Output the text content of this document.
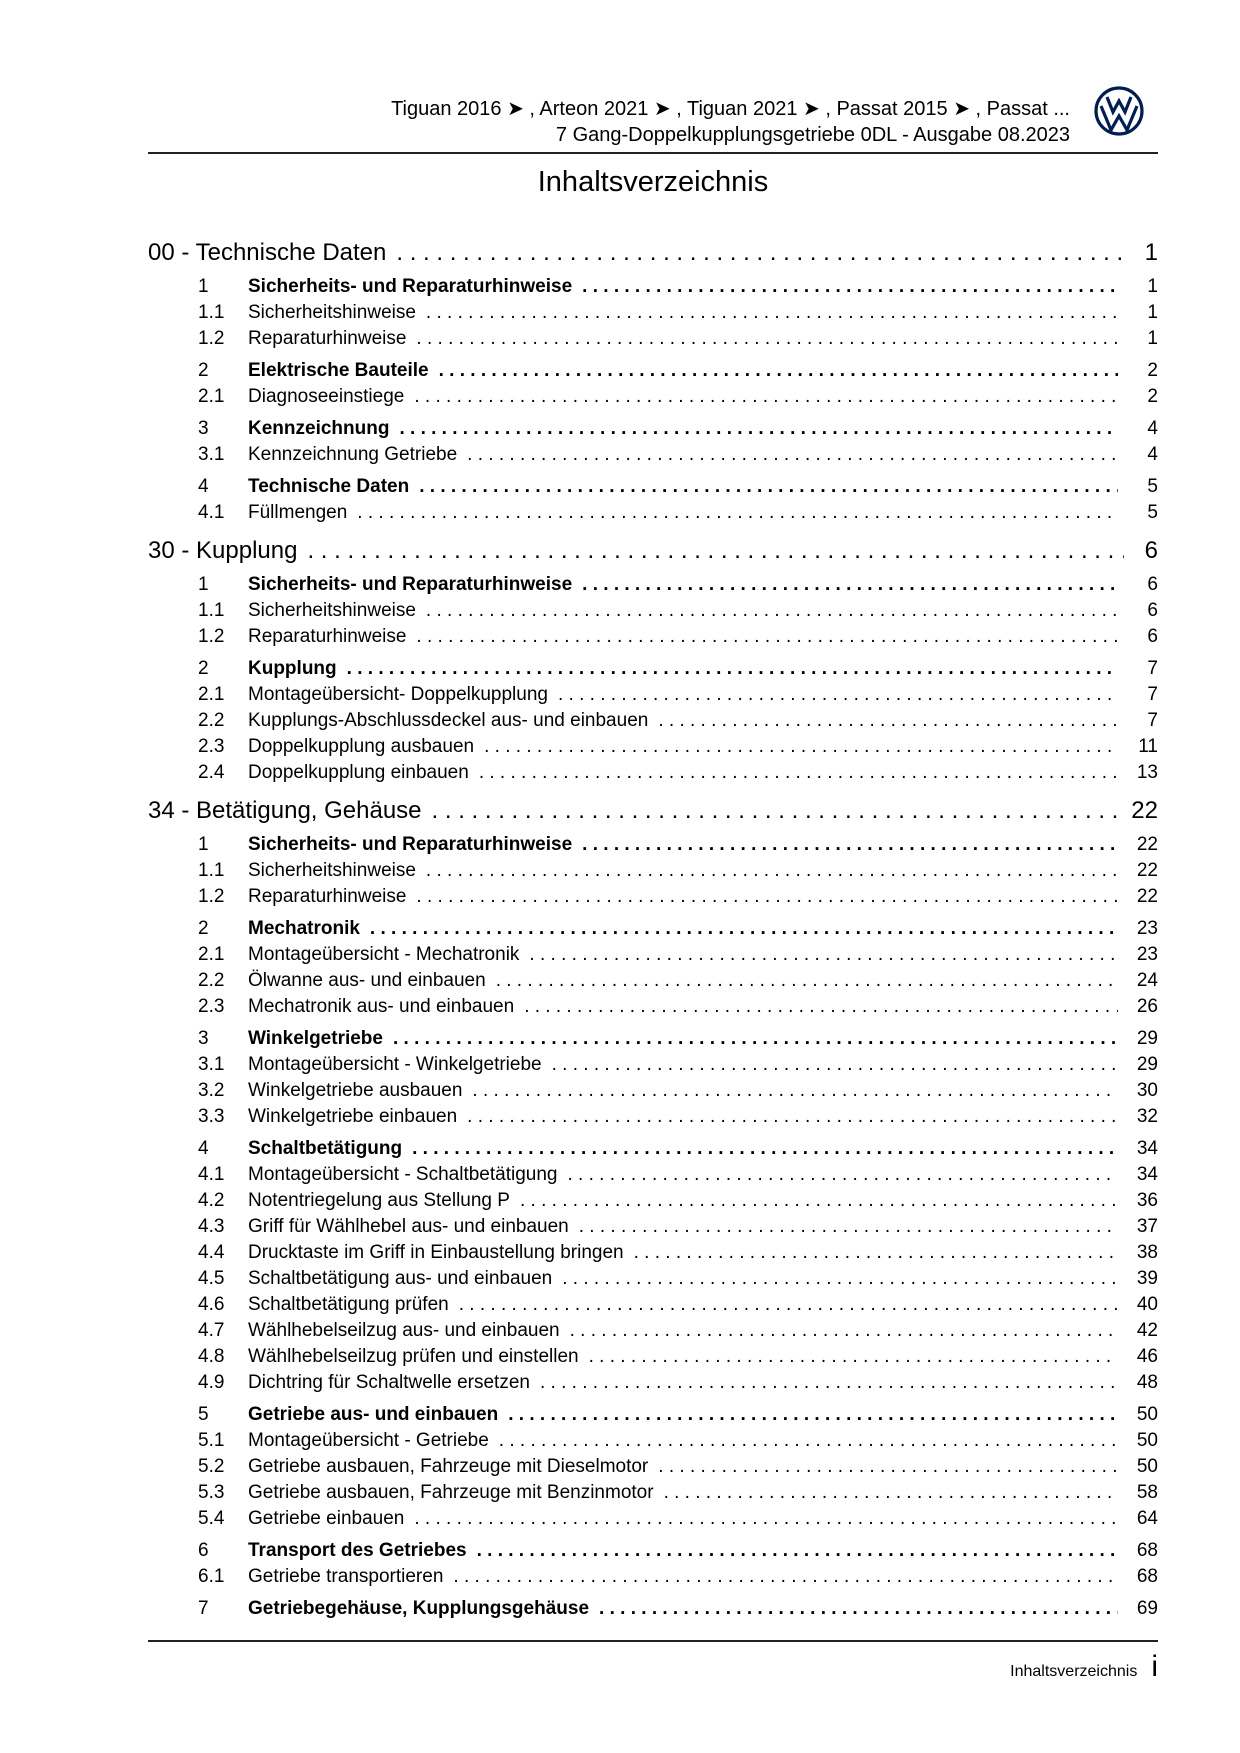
Tiguan 2016 ➤ , Arteon 2021 ➤ , Tiguan 2021 ➤ , Passat 2015 ➤ , Passat ...
7 Gang-Doppelkupplungsgetriebe 0DL - Ausgabe 08.2023
Inhaltsverzeichnis
00 - Technische Daten . . .	1
1	Sicherheits- und Reparaturhinweise . . .	1
1.1	Sicherheitshinweise . . .	1
1.2	Reparaturhinweise . . .	1
2	Elektrische Bauteile . . .	2
2.1	Diagnoseeinstiege . . .	2
3	Kennzeichnung . . .	4
3.1	Kennzeichnung Getriebe . . .	4
4	Technische Daten . . .	5
4.1	Füllmengen . . .	5
30 - Kupplung . . .	6
1	Sicherheits- und Reparaturhinweise . . .	6
1.1	Sicherheitshinweise . . .	6
1.2	Reparaturhinweise . . .	6
2	Kupplung . . .	7
2.1	Montageübersicht- Doppelkupplung . . .	7
2.2	Kupplungs-Abschlussdeckel aus- und einbauen . . .	7
2.3	Doppelkupplung ausbauen . . .	11
2.4	Doppelkupplung einbauen . . .	13
34 - Betätigung, Gehäuse . . .	22
1	Sicherheits- und Reparaturhinweise . . .	22
1.1	Sicherheitshinweise . . .	22
1.2	Reparaturhinweise . . .	22
2	Mechatronik . . .	23
2.1	Montageübersicht - Mechatronik . . .	23
2.2	Ölwanne aus- und einbauen . . .	24
2.3	Mechatronik aus- und einbauen . . .	26
3	Winkelgetriebe . . .	29
3.1	Montageübersicht - Winkelgetriebe . . .	29
3.2	Winkelgetriebe ausbauen . . .	30
3.3	Winkelgetriebe einbauen . . .	32
4	Schaltbetätigung . . .	34
4.1	Montageübersicht - Schaltbetätigung . . .	34
4.2	Notentriegelung aus Stellung P . . .	36
4.3	Griff für Wählhebel aus- und einbauen . . .	37
4.4	Drucktaste im Griff in Einbaustellung bringen . . .	38
4.5	Schaltbetätigung aus- und einbauen . . .	39
4.6	Schaltbetätigung prüfen . . .	40
4.7	Wählhebelseilzug aus- und einbauen . . .	42
4.8	Wählhebelseilzug prüfen und einstellen . . .	46
4.9	Dichtring für Schaltwelle ersetzen . . .	48
5	Getriebe aus- und einbauen . . .	50
5.1	Montageübersicht - Getriebe . . .	50
5.2	Getriebe ausbauen, Fahrzeuge mit Dieselmotor . . .	50
5.3	Getriebe ausbauen, Fahrzeuge mit Benzinmotor . . .	58
5.4	Getriebe einbauen . . .	64
6	Transport des Getriebes . . .	68
6.1	Getriebe transportieren . . .	68
7	Getriebegehäuse, Kupplungsgehäuse . . .	69
Inhaltsverzeichnis i
